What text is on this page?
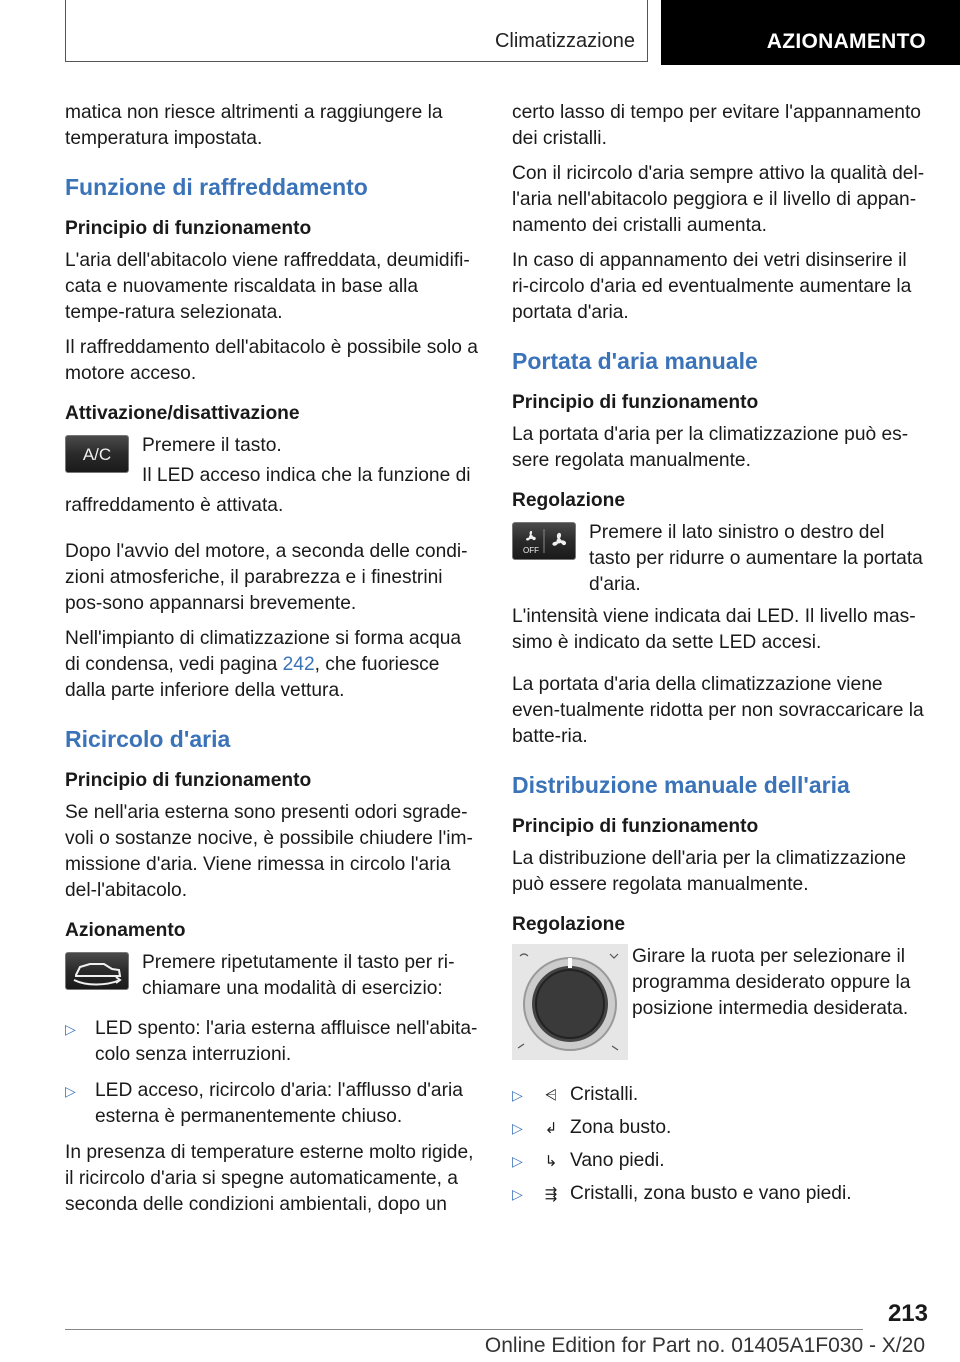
Climatizzazione	AZIONAMENTO

matica non riesce altrimenti a raggiungere la temperatura impostata.

Funzione di raffreddamento
Principio di funzionamento

L'aria dell'abitacolo viene raffreddata, deumidifi‐cata e nuovamente riscaldata in base alla tempe‐ratura selezionata.

Il raffreddamento dell'abitacolo è possibile solo a motore acceso.

Attivazione/disattivazione
A/C	Premere il tasto.

Il LED acceso indica che la funzione di

raffreddamento è attivata.

Dopo l'avvio del motore, a seconda delle condi‐zioni atmosferiche, il parabrezza e i finestrini pos‐sono appannarsi brevemente.

Nell'impianto di climatizzazione si forma acqua di condensa, vedi pagina 242, che fuoriesce dalla parte inferiore della vettura.

Ricircolo d'aria
Principio di funzionamento

Se nell'aria esterna sono presenti odori sgrade‐voli o sostanze nocive, è possibile chiudere l'im‐missione d'aria. Viene rimessa in circolo l'aria del‐l'abitacolo.

Azionamento

Premere ripetutamente il tasto per ri‐chiamare una modalità di esercizio:

▷ LED spento: l'aria esterna affluisce nell'abita‐colo senza interruzioni.
▷ LED acceso, ricircolo d'aria: l'afflusso d'aria esterna è permanentemente chiuso.

In presenza di temperature esterne molto rigide, il ricircolo d'aria si spegne automaticamente, a seconda delle condizioni ambientali, dopo un

certo lasso di tempo per evitare l'appannamento dei cristalli.

Con il ricircolo d'aria sempre attivo la qualità del‐l'aria nell'abitacolo peggiora e il livello di appan‐namento dei cristalli aumenta.

In caso di appannamento dei vetri disinserire il ri‐circolo d'aria ed eventualmente aumentare la portata d'aria.

Portata d'aria manuale
Principio di funzionamento

La portata d'aria per la climatizzazione può es‐sere regolata manualmente.

Regolazione
OFF

Premere il lato sinistro o destro del tasto per ridurre o aumentare la portata d'aria.

L'intensità viene indicata dai LED. Il livello mas‐simo è indicato da sette LED accesi.

La portata d'aria della climatizzazione viene even‐tualmente ridotta per non sovraccaricare la batte‐ria.

Distribuzione manuale dell'aria
Principio di funzionamento

La distribuzione dell'aria per la climatizzazione può essere regolata manualmente.

Regolazione

Girare la ruota per selezionare il programma desiderato oppure la posizione intermedia desiderata.

▷ ⩤ Cristalli.
▷ ↲ Zona busto.
▷ ↳ Vano piedi.
▷ ⇶ Cristalli, zona busto e vano piedi.
213
Online Edition for Part no. 01405A1F030 - X/20
